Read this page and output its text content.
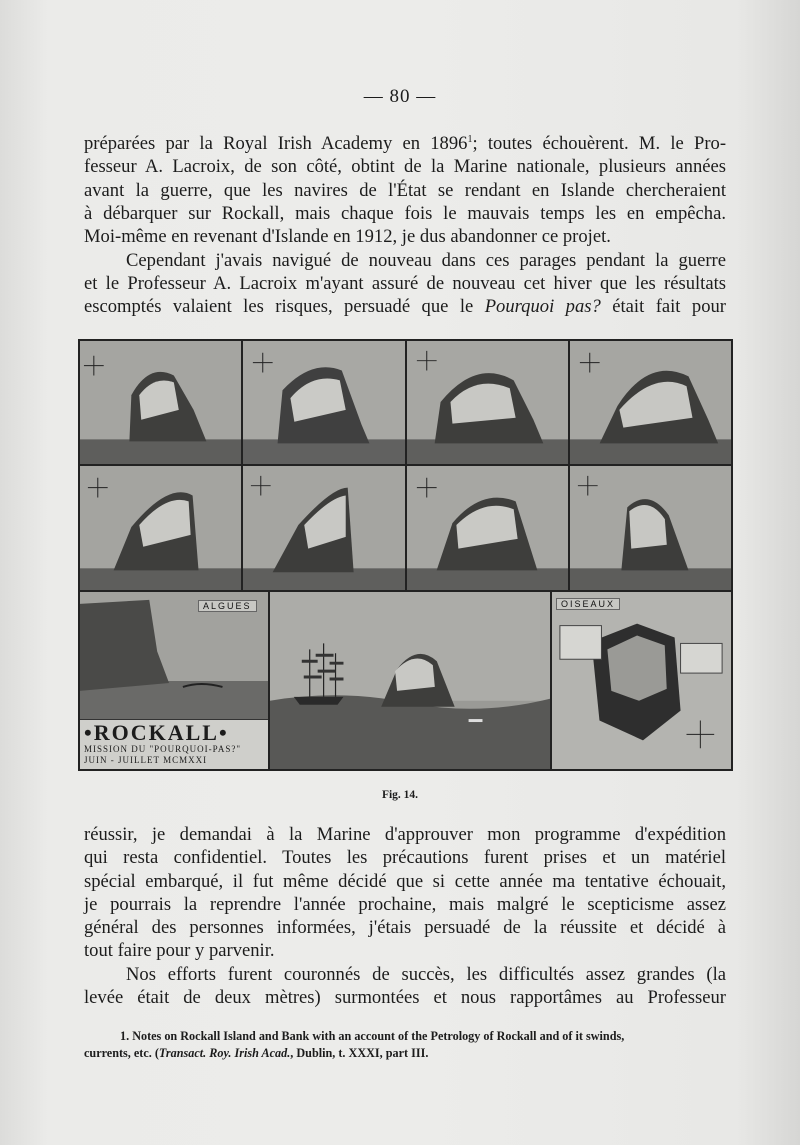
— 80 —

préparées par la Royal Irish Academy en 1896$^1$; toutes échouèrent. M. le Pro-
fesseur A. Lacroix, de son côté, obtint de la Marine nationale, plusieurs années
avant la guerre, que les navires de l'État se rendant en Islande chercheraient
à débarquer sur Rockall, mais chaque fois le mauvais temps les en empêcha.
Moi-même en revenant d'Islande en 1912, je dus abandonner ce projet.
Cependant j'avais navigué de nouveau dans ces parages pendant la guerre
et le Professeur A. Lacroix m'ayant assuré de nouveau cet hiver que les résultats
escomptés valaient les risques, persuadé que le Pourquoi pas? était fait pour

ALGUES
•ROCKALL•
MISSION DU "POURQUOI-PAS?"
JUIN - JUILLET MCMXXI
OISEAUX
Fig. 14.

réussir, je demandai à la Marine d'approuver mon programme d'expédition
qui resta confidentiel. Toutes les précautions furent prises et un matériel
spécial embarqué, il fut même décidé que si cette année ma tentative échouait,
je pourrais la reprendre l'année prochaine, mais malgré le scepticisme assez
général des personnes informées, j'étais persuadé de la réussite et décidé à
tout faire pour y parvenir.
Nos efforts furent couronnés de succès, les difficultés assez grandes (la
levée était de deux mètres) surmontées et nous rapportâmes au Professeur

1. Notes on Rockall Island and Bank with an account of the Petrology of Rockall and of it swinds,
currents, etc. (Transact. Roy. Irish Acad., Dublin, t. XXXI, part III.
